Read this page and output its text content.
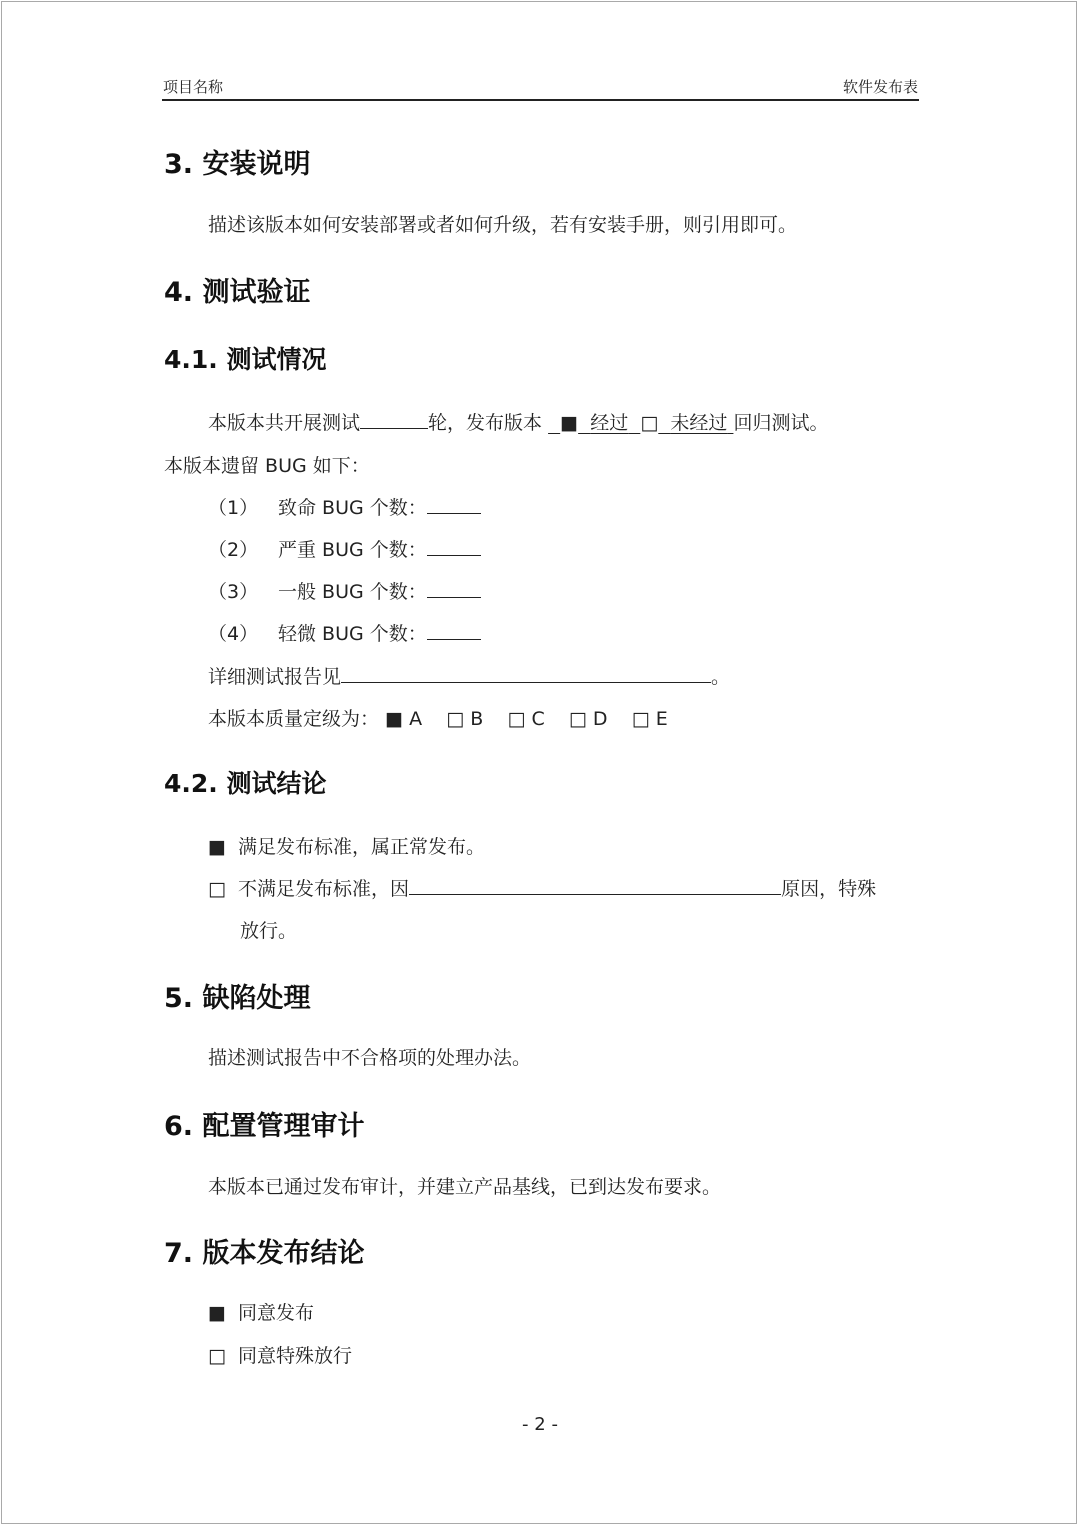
项目名称	软件发布表
3. 安装说明
描述该版本如何安装部署或者如何升级，若有安装手册，则引用即可。
4. 测试验证
4.1. 测试情况
本版本共开展测试	轮，发布版本 ■ 经过 □ 未经过 回归测试。
本版本遗留 BUG 如下：
（1） 致命 BUG 个数：
（2） 严重 BUG 个数：
（3） 一般 BUG 个数：
（4） 轻微 BUG 个数：
详细测试报告见	。
本版本质量定级为： ■ A □ B □ C □ D □ E
4.2. 测试结论
■ 满足发布标准，属正常发布。
□ 不满足发布标准，因	原因，特殊
放行。
5. 缺陷处理
描述测试报告中不合格项的处理办法。
6. 配置管理审计
本版本已通过发布审计，并建立产品基线，已到达发布要求。
7. 版本发布结论
■ 同意发布
□ 同意特殊放行
- 2 -
